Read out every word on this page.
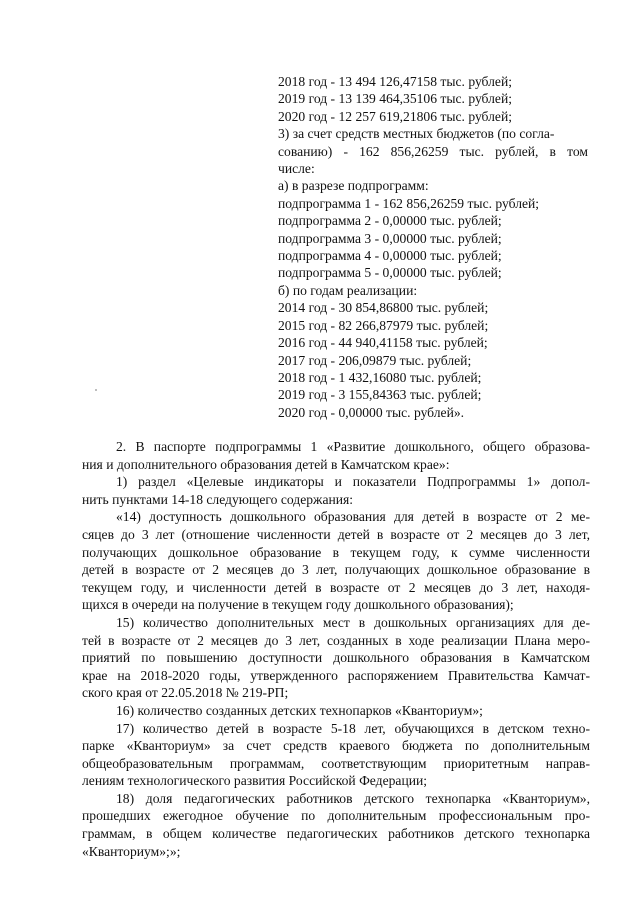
2018 год - 13 494 126,47158 тыс. рублей;
2019 год - 13 139 464,35106 тыс. рублей;
2020 год - 12 257 619,21806 тыс. рублей;
3) за счет средств местных бюджетов (по согла-
сованию) - 162 856,26259 тыс. рублей, в том
числе:
а) в разрезе подпрограмм:
подпрограмма 1 - 162 856,26259 тыс. рублей;
подпрограмма 2 - 0,00000 тыс. рублей;
подпрограмма 3 - 0,00000 тыс. рублей;
подпрограмма 4 - 0,00000 тыс. рублей;
подпрограмма 5 - 0,00000 тыс. рублей;
б) по годам реализации:
2014 год - 30 854,86800 тыс. рублей;
2015 год - 82 266,87979 тыс. рублей;
2016 год - 44 940,41158 тыс. рублей;
2017 год - 206,09879 тыс. рублей;
2018 год - 1 432,16080 тыс. рублей;
2019 год - 3 155,84363 тыс. рублей;
2020 год - 0,00000 тыс. рублей».
2. В паспорте подпрограммы 1 «Развитие дошкольного, общего образова-
ния и дополнительного образования детей в Камчатском крае»:
1) раздел «Целевые индикаторы и показатели Подпрограммы 1» допол-
нить пунктами 14-18 следующего содержания:
«14) доступность дошкольного образования для детей в возрасте от 2 ме-
сяцев до 3 лет (отношение численности детей в возрасте от 2 месяцев до 3 лет,
получающих дошкольное образование в текущем году, к сумме численности
детей в возрасте от 2 месяцев до 3 лет, получающих дошкольное образование в
текущем году, и численности детей в возрасте от 2 месяцев до 3 лет, находя-
щихся в очереди на получение в текущем году дошкольного образования);
15) количество дополнительных мест в дошкольных организациях для де-
тей в возрасте от 2 месяцев до 3 лет, созданных в ходе реализации Плана меро-
приятий по повышению доступности дошкольного образования в Камчатском
крае на 2018-2020 годы, утвержденного распоряжением Правительства Камчат-
ского края от 22.05.2018 № 219-РП;
16) количество созданных детских технопарков «Кванториум»;
17) количество детей в возрасте 5-18 лет, обучающихся в детском техно-
парке «Кванториум» за счет средств краевого бюджета по дополнительным
общеобразовательным программам, соответствующим приоритетным направ-
лениям технологического развития Российской Федерации;
18) доля педагогических работников детского технопарка «Кванториум»,
прошедших ежегодное обучение по дополнительным профессиональным про-
граммам, в общем количестве педагогических работников детского технопарка
«Кванториум»;»;
